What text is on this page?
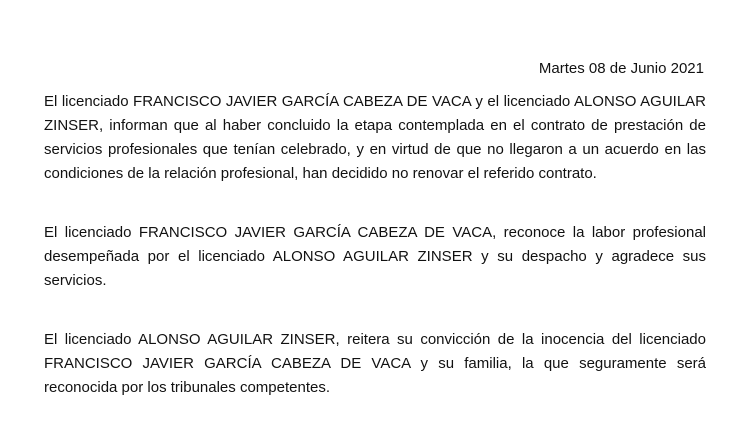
Martes 08 de Junio 2021

El licenciado FRANCISCO JAVIER GARCÍA CABEZA DE VACA y el licenciado ALONSO AGUILAR ZINSER, informan que al haber concluido la etapa contemplada en el contrato de prestación de servicios profesionales que tenían celebrado, y en virtud de que no llegaron a un acuerdo en las condiciones de la relación profesional, han decidido no renovar el referido contrato.

El licenciado FRANCISCO JAVIER GARCÍA CABEZA DE VACA, reconoce la labor profesional desempeñada por el licenciado ALONSO AGUILAR ZINSER y su despacho y agradece sus servicios.

El licenciado ALONSO AGUILAR ZINSER, reitera su convicción de la inocencia del licenciado FRANCISCO JAVIER GARCÍA CABEZA DE VACA y su familia, la que seguramente será reconocida por los tribunales competentes.
